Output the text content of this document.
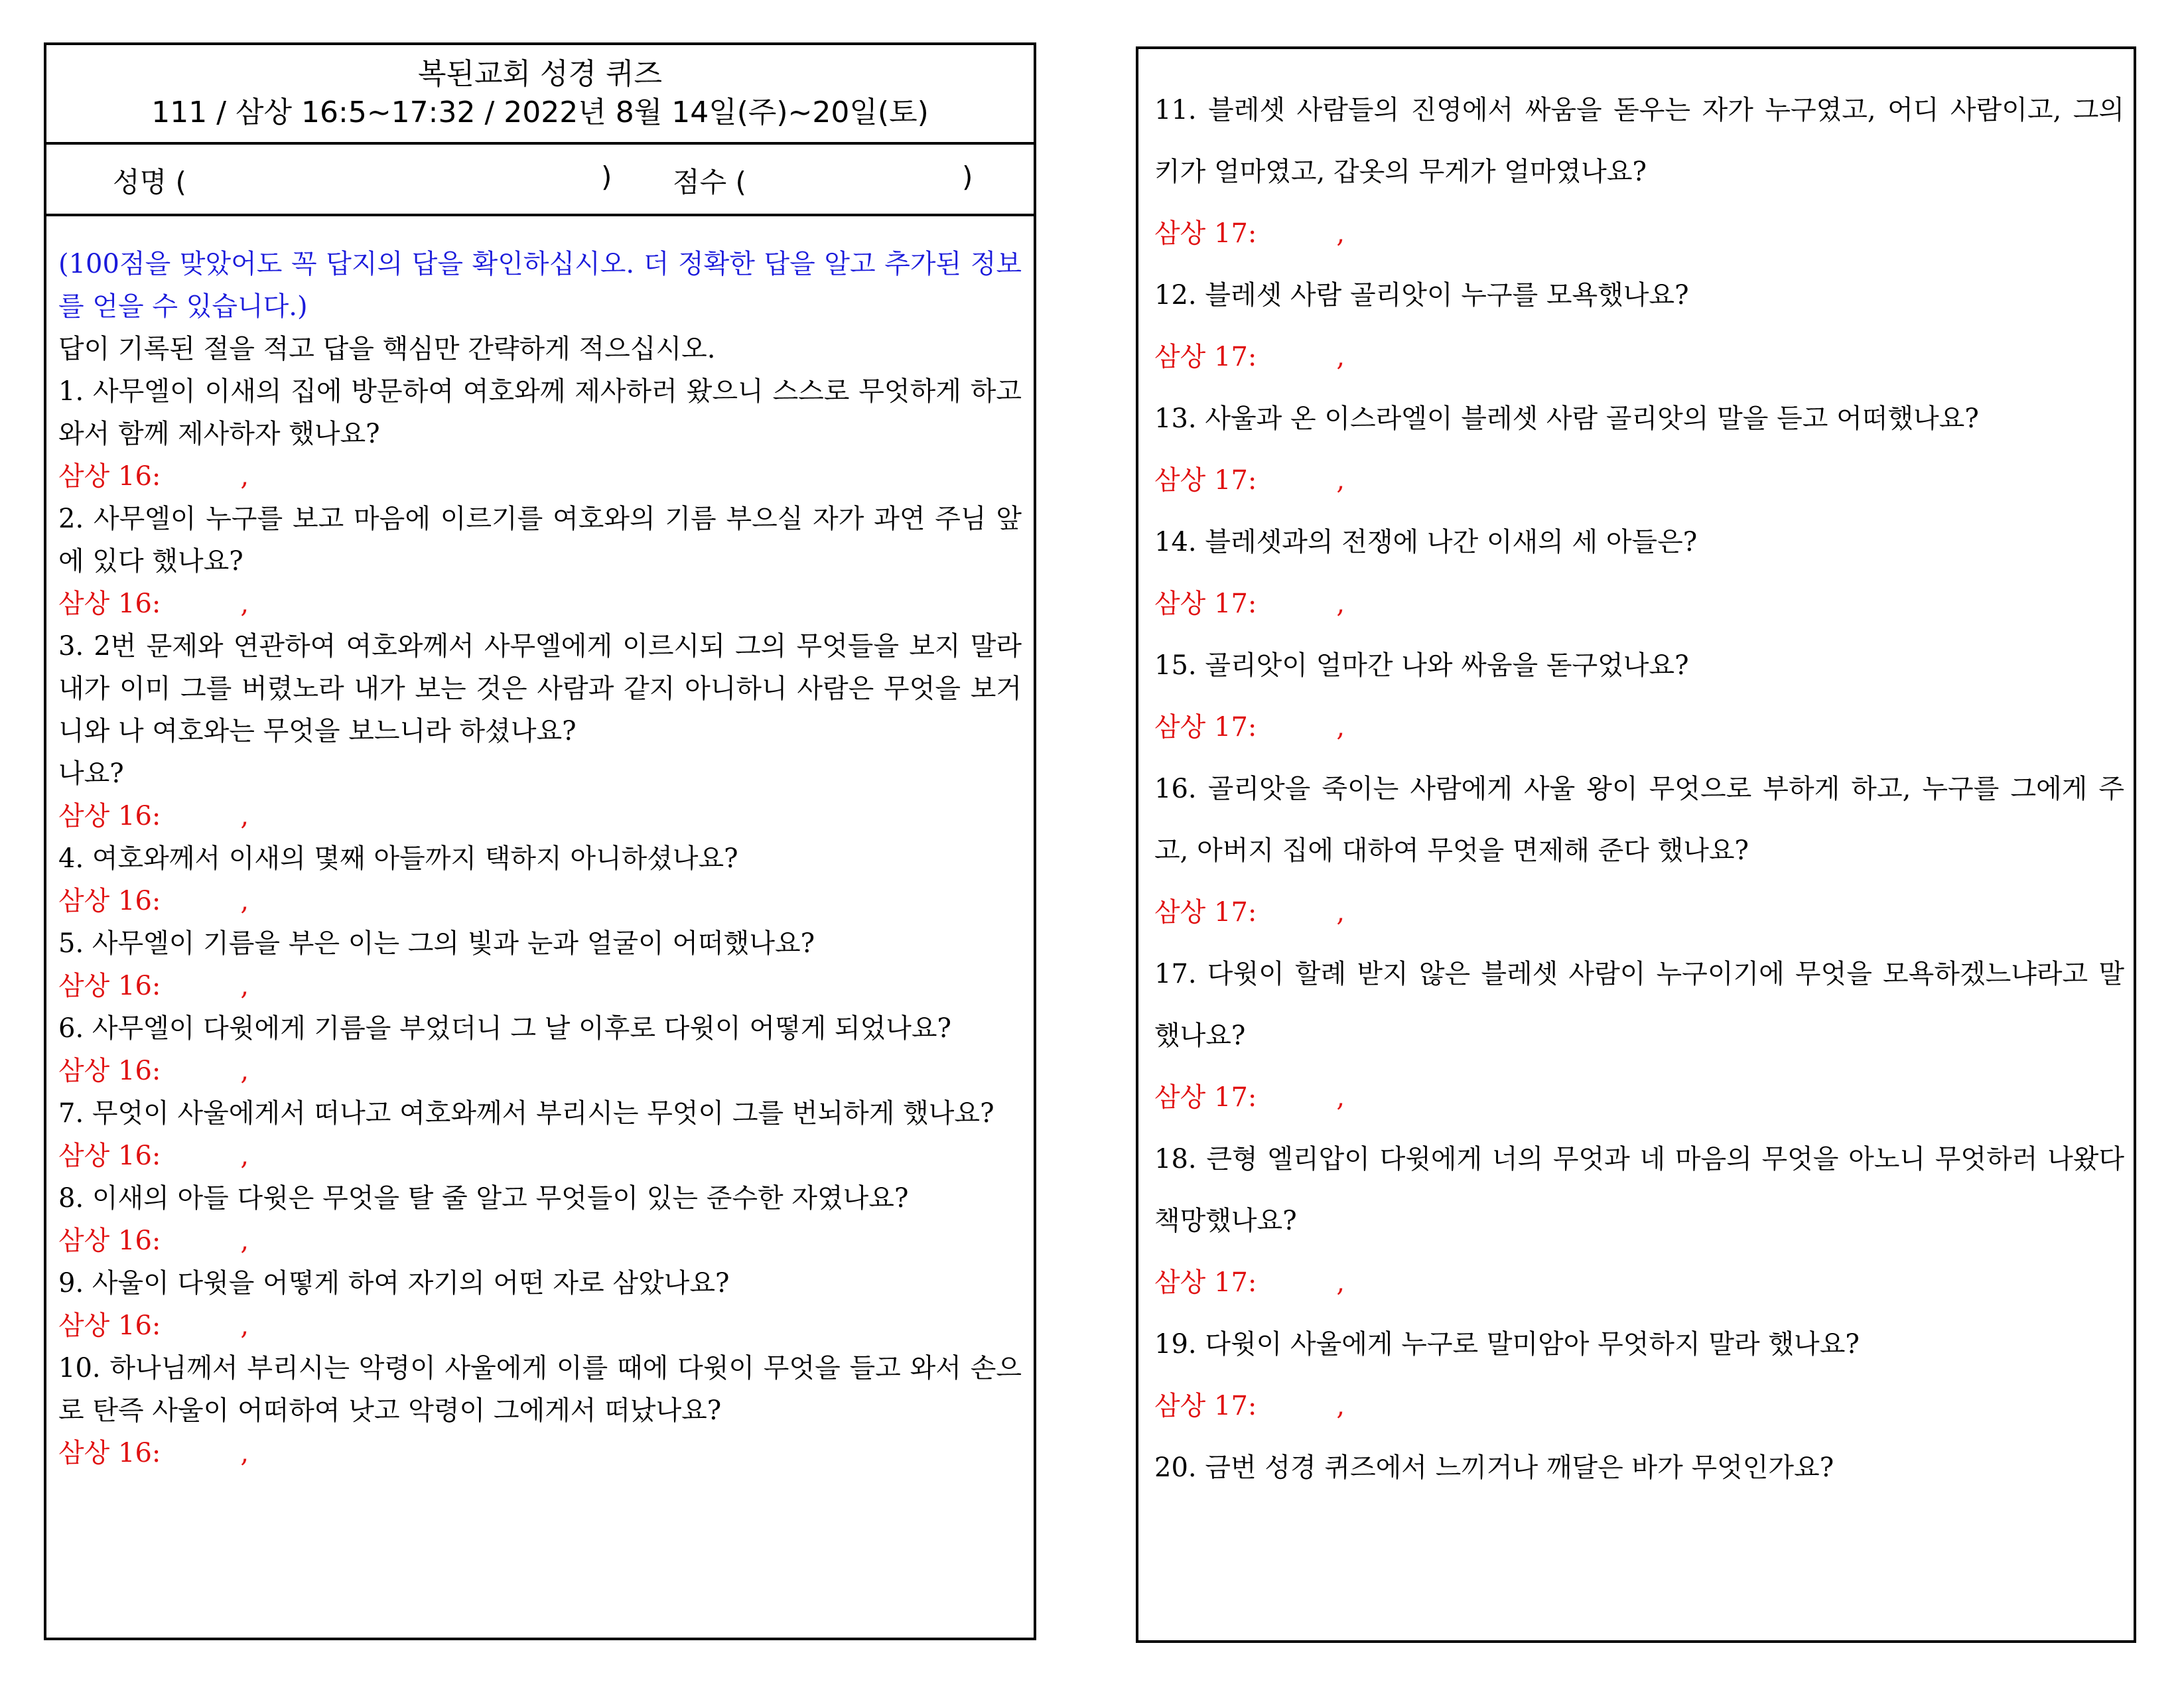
복된교회 성경 퀴즈
111 / 삼상 16:5~17:32 / 2022년 8월 14일(주)~20일(토)
성명 (	) 점수 (	)
(100점을 맞았어도 꼭 답지의 답을 확인하십시오. 더 정확한 답을 알고 추가된 정보를 얻을 수 있습니다.)
답이 기록된 절을 적고 답을 핵심만 간략하게 적으십시오.
1. 사무엘이 이새의 집에 방문하여 여호와께 제사하러 왔으니 스스로 무엇하게 하고 와서 함께 제사하자 했나요?
삼상 16:	,
2. 사무엘이 누구를 보고 마음에 이르기를 여호와의 기름 부으실 자가 과연 주님 앞에 있다 했나요?
삼상 16:	,
3. 2번 문제와 연관하여 여호와께서 사무엘에게 이르시되 그의 무엇들을 보지 말라 내가 이미 그를 버렸노라 내가 보는 것은 사람과 같지 아니하니 사람은 무엇을 보거니와 나 여호와는 무엇을 보느니라 하셨나요?
나요?
삼상 16:	,
4. 여호와께서 이새의 몇째 아들까지 택하지 아니하셨나요?
삼상 16:	,
5. 사무엘이 기름을 부은 이는 그의 빛과 눈과 얼굴이 어떠했나요?
삼상 16:	,
6. 사무엘이 다윗에게 기름을 부었더니 그 날 이후로 다윗이 어떻게 되었나요?
삼상 16:	,
7. 무엇이 사울에게서 떠나고 여호와께서 부리시는 무엇이 그를 번뇌하게 했나요?
삼상 16:	,
8. 이새의 아들 다윗은 무엇을 탈 줄 알고 무엇들이 있는 준수한 자였나요?
삼상 16:	,
9. 사울이 다윗을 어떻게 하여 자기의 어떤 자로 삼았나요?
삼상 16:	,
10. 하나님께서 부리시는 악령이 사울에게 이를 때에 다윗이 무엇을 들고 와서 손으로 탄즉 사울이 어떠하여 낫고 악령이 그에게서 떠났나요?
삼상 16:	,
11. 블레셋 사람들의 진영에서 싸움을 돋우는 자가 누구였고, 어디 사람이고, 그의 키가 얼마였고, 갑옷의 무게가 얼마였나요?
삼상 17:	,
12. 블레셋 사람 골리앗이 누구를 모욕했나요?
삼상 17:	,
13. 사울과 온 이스라엘이 블레셋 사람 골리앗의 말을 듣고 어떠했나요?
삼상 17:	,
14. 블레셋과의 전쟁에 나간 이새의 세 아들은?
삼상 17:	,
15. 골리앗이 얼마간 나와 싸움을 돋구었나요?
삼상 17:	,
16. 골리앗을 죽이는 사람에게 사울 왕이 무엇으로 부하게 하고, 누구를 그에게 주고, 아버지 집에 대하여 무엇을 면제해 준다 했나요?
삼상 17:	,
17. 다윗이 할례 받지 않은 블레셋 사람이 누구이기에 무엇을 모욕하겠느냐라고 말했나요?
삼상 17:	,
18. 큰형 엘리압이 다윗에게 너의 무엇과 네 마음의 무엇을 아노니 무엇하러 나왔다 책망했나요?
삼상 17:	,
19. 다윗이 사울에게 누구로 말미암아 무엇하지 말라 했나요?
삼상 17:	,
20. 금번 성경 퀴즈에서 느끼거나 깨달은 바가 무엇인가요?
